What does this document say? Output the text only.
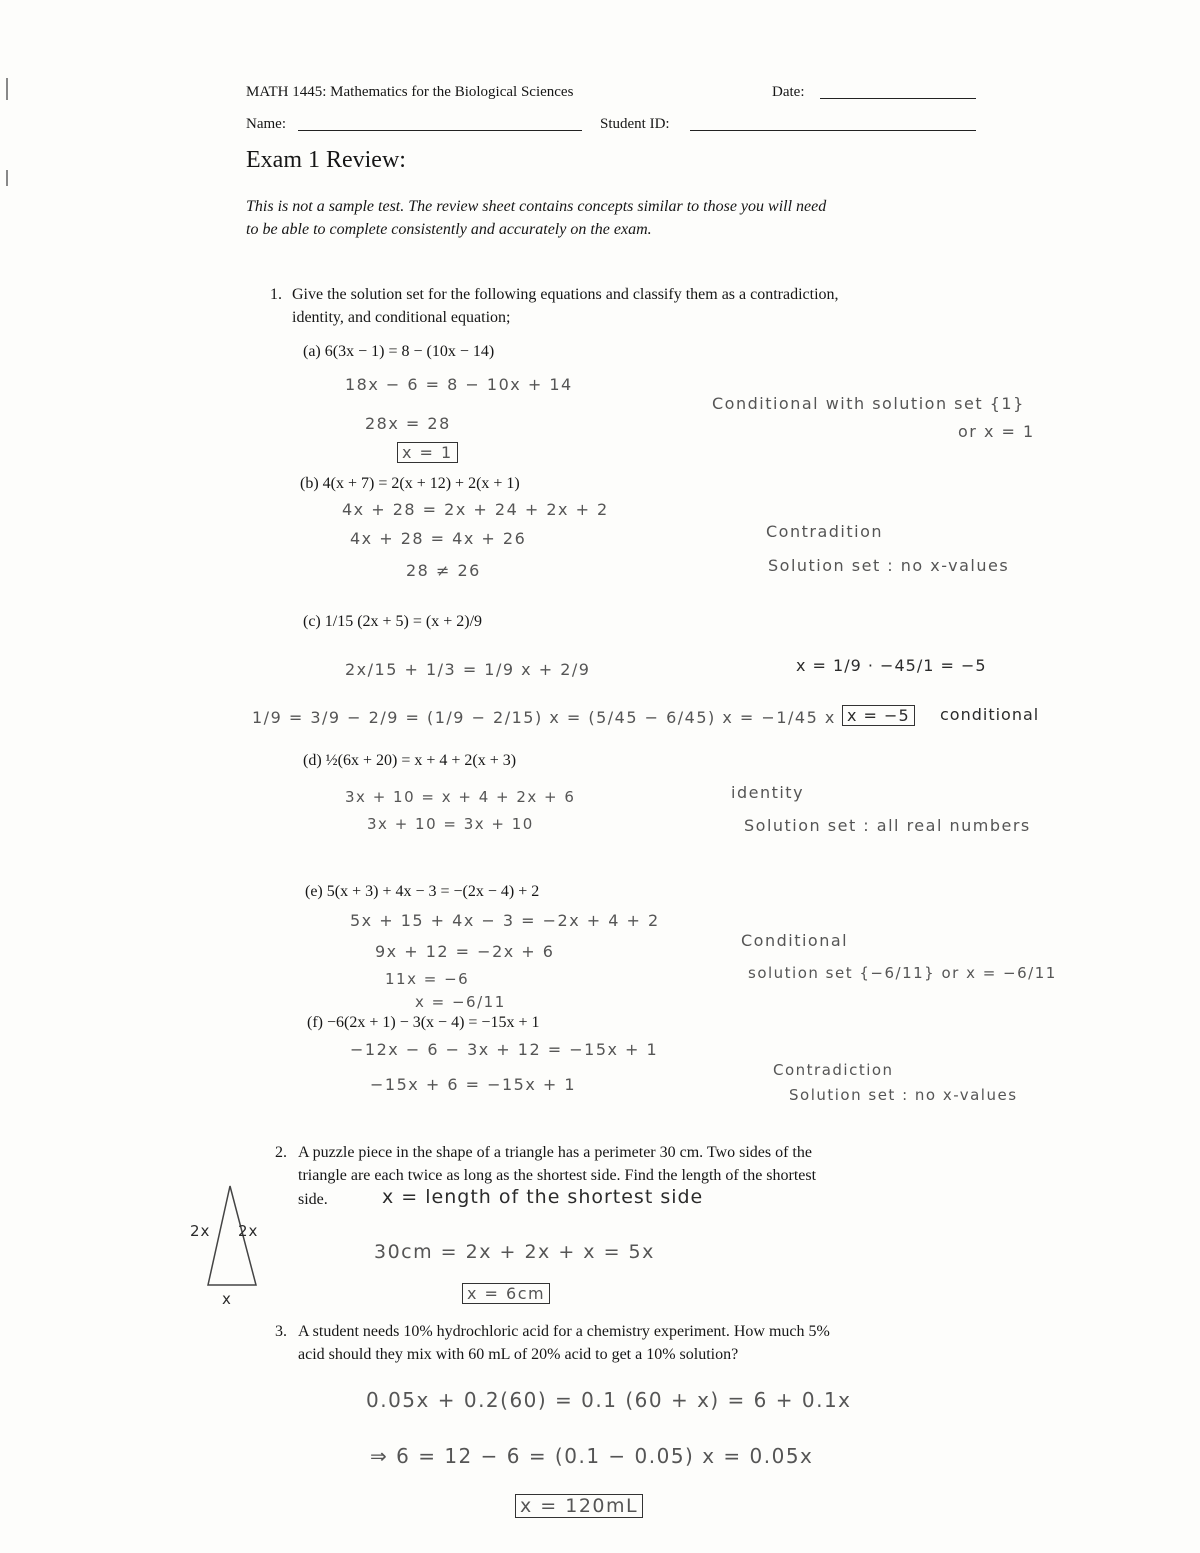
MATH 1445: Mathematics for the Biological Sciences	Date:
Name:	Student ID:
Exam 1 Review:
This is not a sample test. The review sheet contains concepts similar to those you will need
to be able to complete consistently and accurately on the exam.
1. Give the solution set for the following equations and classify them as a contradiction,
identity, and conditional equation;
(a) 6(3x − 1) = 8 − (10x − 14)
18x − 6 = 8 − 10x + 14
28x = 28
x = 1
Conditional with solution set {1}
or x = 1
(b) 4(x + 7) = 2(x + 12) + 2(x + 1)
4x + 28 = 2x + 24 + 2x + 2
4x + 28 = 4x + 26
28 ≠ 26
Contradition
Solution set : no x-values
(c) 1/15 (2x + 5) = (x + 2)/9
2x/15 + 1/3 = 1/9 x + 2/9
1/9 = 3/9 − 2/9 = (1/9 − 2/15) x = (5/45 − 6/45) x = −1/45 x
x = 1/9 · −45/1 = −5
x = −5	conditional
(d) ½(6x + 20) = x + 4 + 2(x + 3)
3x + 10 = x + 4 + 2x + 6
3x + 10 = 3x + 10
identity
Solution set : all real numbers
(e) 5(x + 3) + 4x − 3 = −(2x − 4) + 2
5x + 15 + 4x − 3 = −2x + 4 + 2
9x + 12 = −2x + 6
11x = −6
x = −6/11
Conditional
solution set {−6/11} or x = −6/11
(f) −6(2x + 1) − 3(x − 4) = −15x + 1
−12x − 6 − 3x + 12 = −15x + 1
−15x + 6 = −15x + 1
Contradiction
Solution set : no x-values
2. A puzzle piece in the shape of a triangle has a perimeter 30 cm. Two sides of the
triangle are each twice as long as the shortest side. Find the length of the shortest
side.	x = length of the shortest side
30cm = 2x + 2x + x = 5x
x = 6cm
2x 2x
x
3. A student needs 10% hydrochloric acid for a chemistry experiment. How much 5%
acid should they mix with 60 mL of 20% acid to get a 10% solution?
0.05x + 0.2(60) = 0.1 (60 + x) = 6 + 0.1x
⇒ 6 = 12 − 6 = (0.1 − 0.05) x = 0.05x
x = 120mL
